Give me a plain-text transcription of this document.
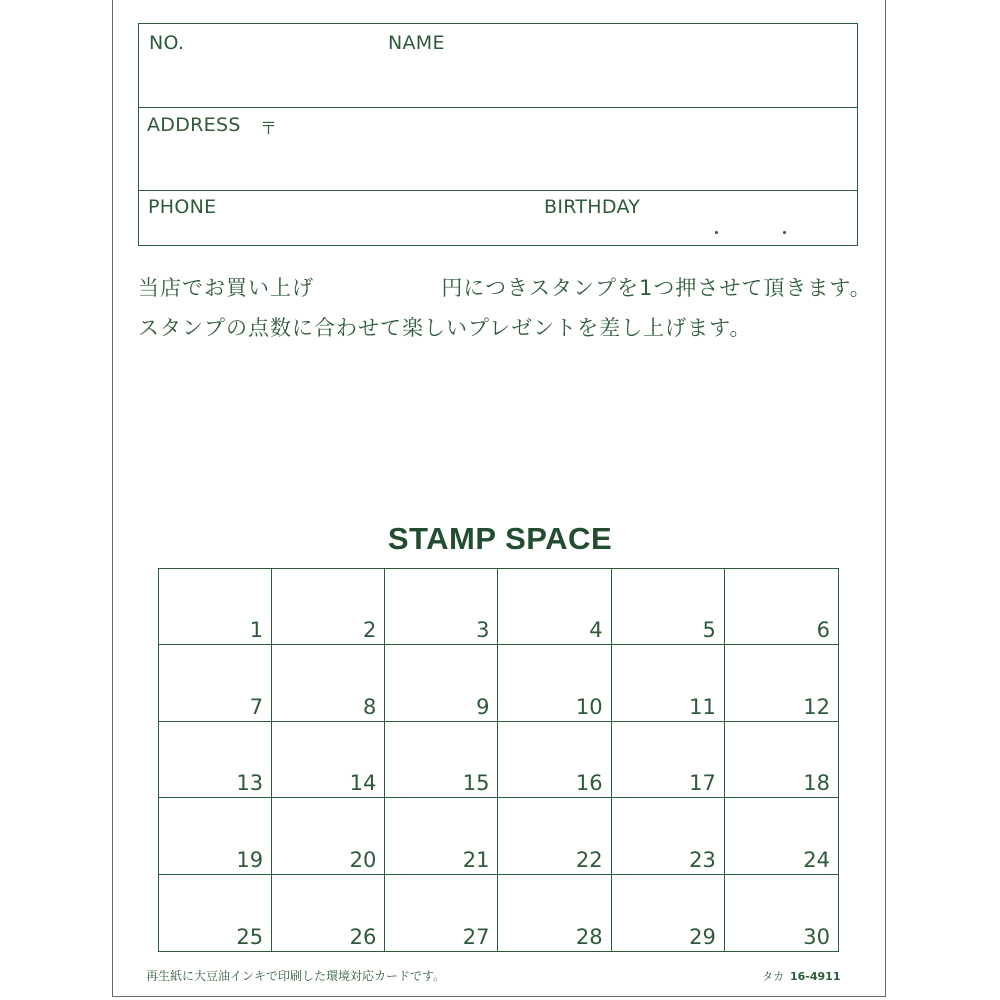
NO.	NAME
ADDRESS 〒
PHONE	BIRTHDAY
当店でお買い上げ	円につきスタンプを1つ押させて頂きます。
スタンプの点数に合わせて楽しいプレゼントを差し上げます。
STAMP SPACE
1	2	3	4	5	6
7	8	9	10	11	12
13	14	15	16	17	18
19	20	21	22	23	24
25	26	27	28	29	30
再生紙に大豆油インキで印刷した環境対応カードです。	タカ 16-4911
